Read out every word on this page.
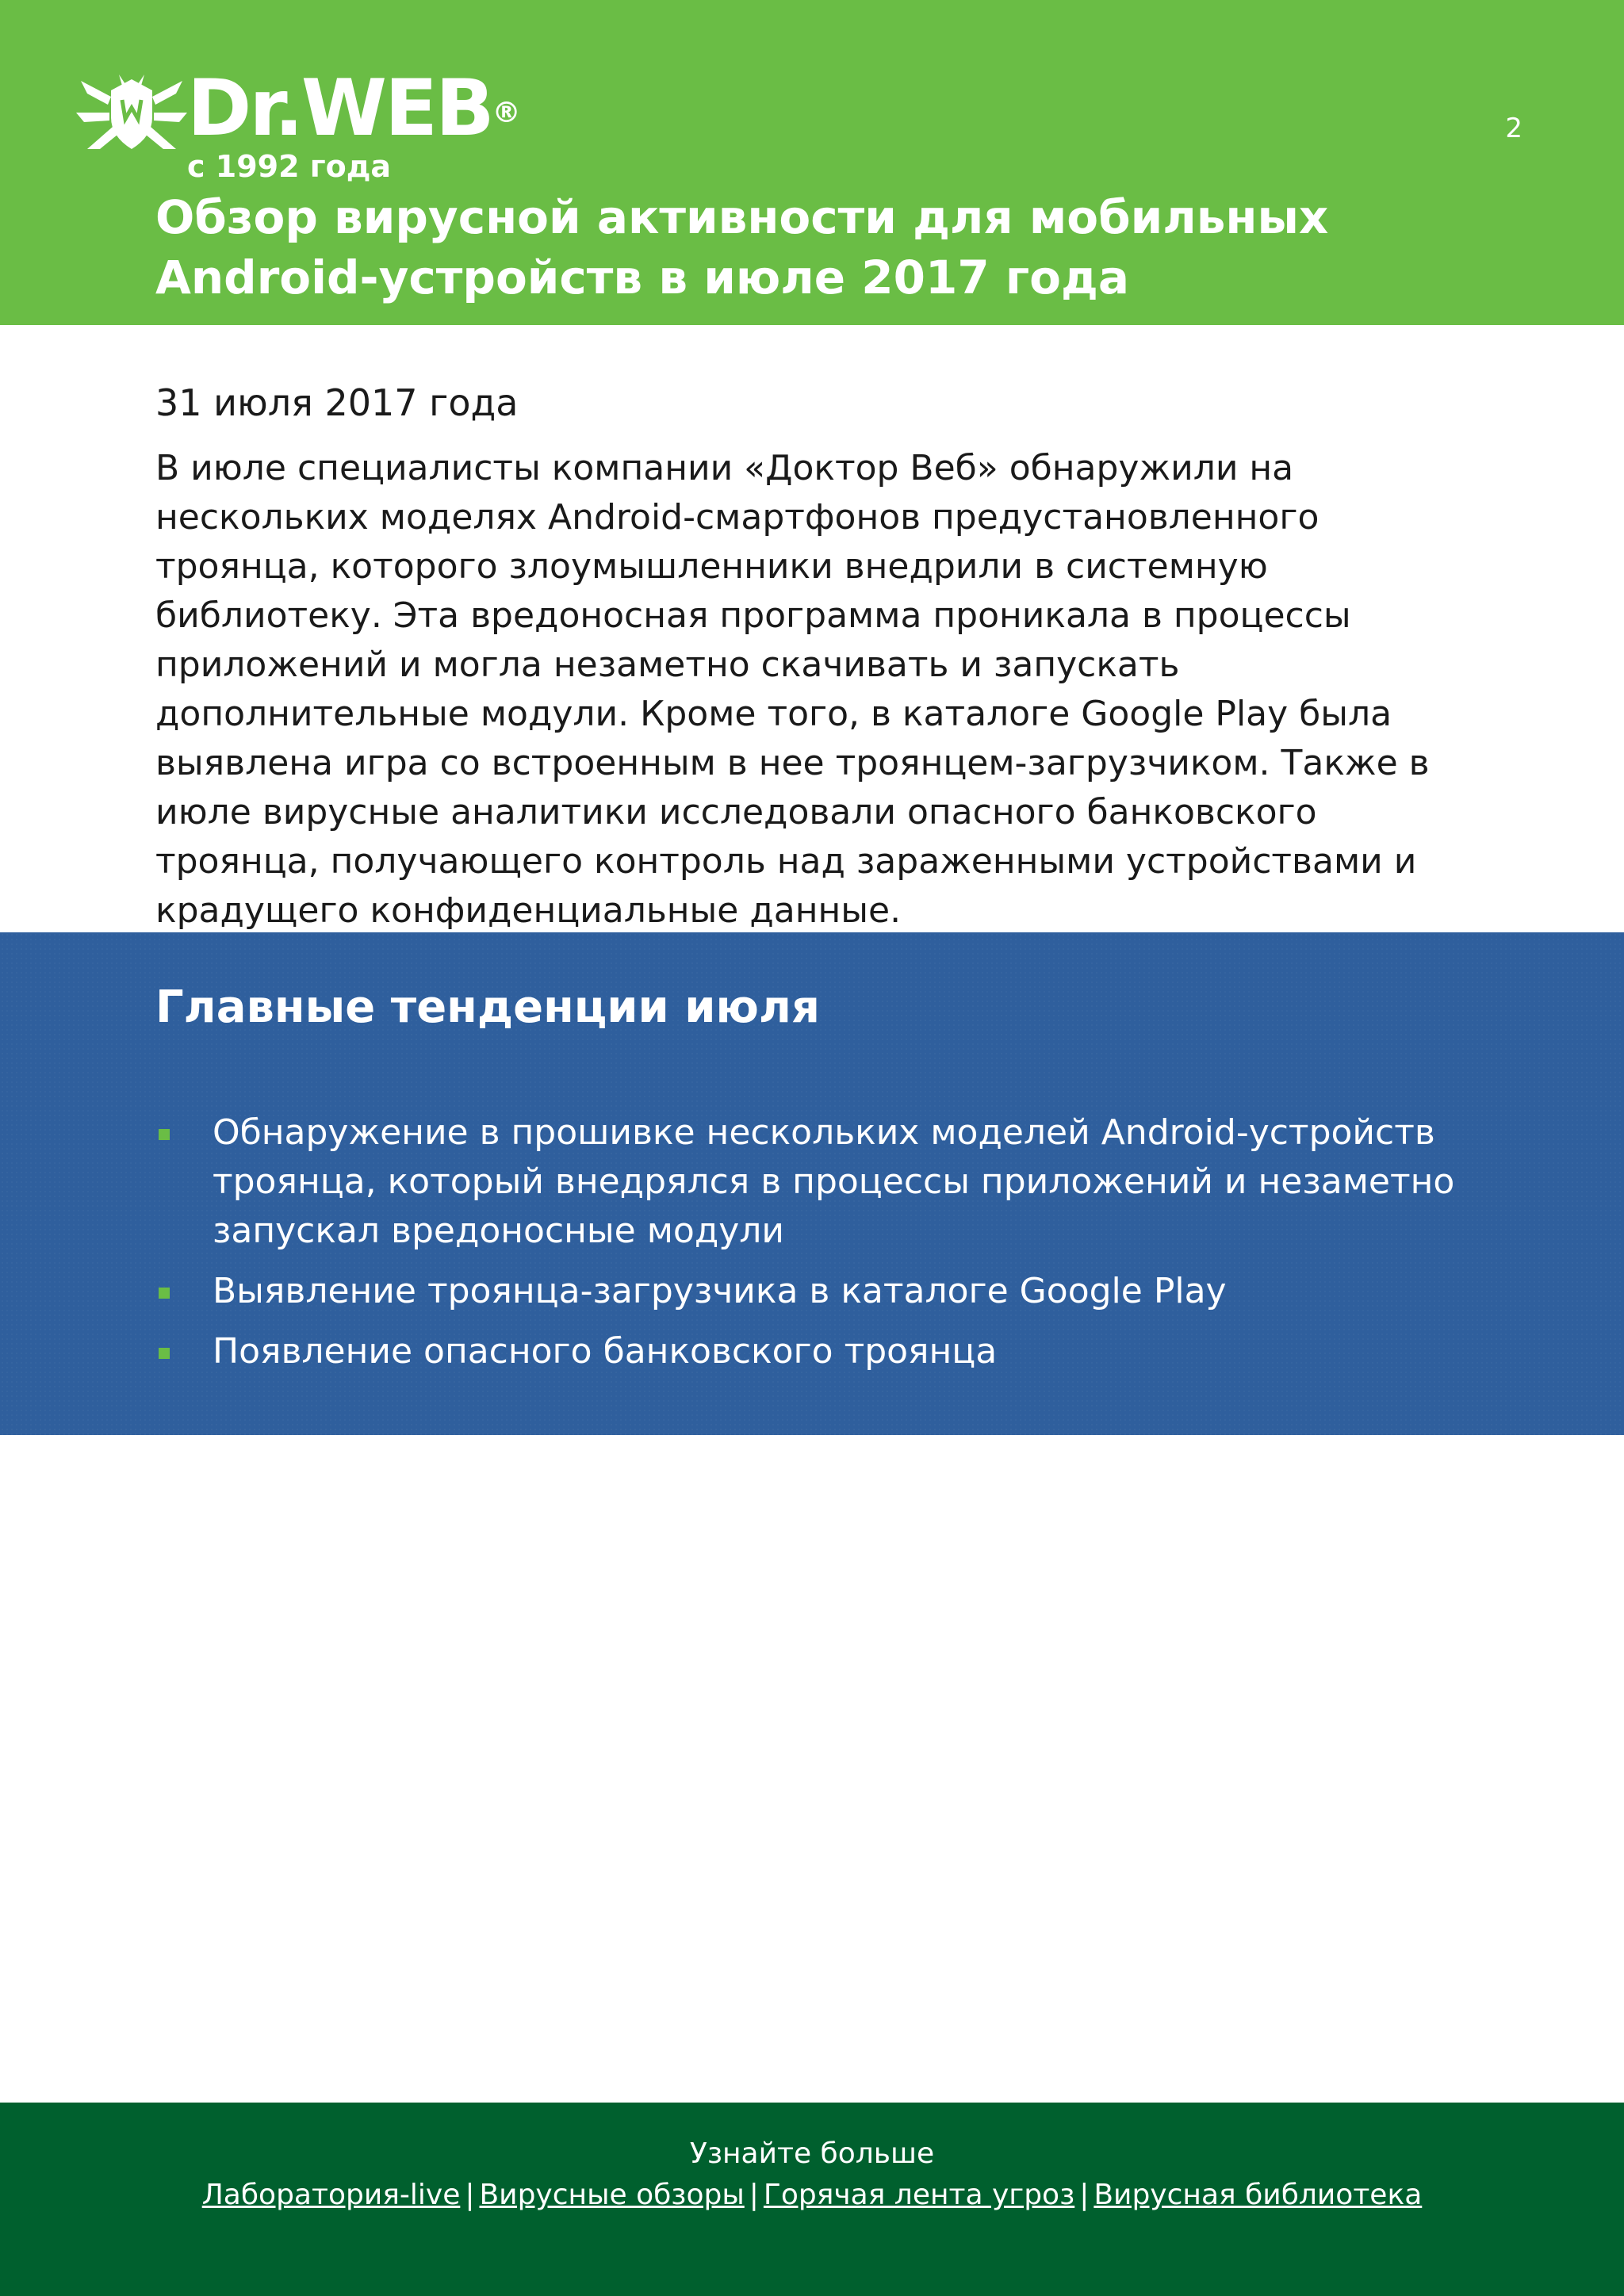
Dr.WEB®
с 1992 года
2
Обзор вирусной активности для мобильных Android-устройств в июле 2017 года
31 июля 2017 года

В июле специалисты компании «Доктор Веб» обнаружили на нескольких моделях Android-смартфонов предустановленного троянца, которого злоумышленники внедрили в системную библиотеку. Эта вредоносная программа проникала в процессы приложений и могла незаметно скачивать и запускать дополнительные модули. Кроме того, в каталоге Google Play была выявлена игра со встроенным в нее троянцем-загрузчиком. Также в июле вирусные аналитики исследовали опасного банковского троянца, получающего контроль над зараженными устройствами и крадущего конфиденциальные данные.

Главные тенденции июля
Обнаружение в прошивке нескольких моделей Android-устройств троянца, который внедрялся в процессы приложений и незаметно запускал вредоносные модули
Выявление троянца-загрузчика в каталоге Google Play
Появление опасного банковского троянца
Узнайте больше
Лаборатория-live | Вирусные обзоры | Горячая лента угроз | Вирусная библиотека
